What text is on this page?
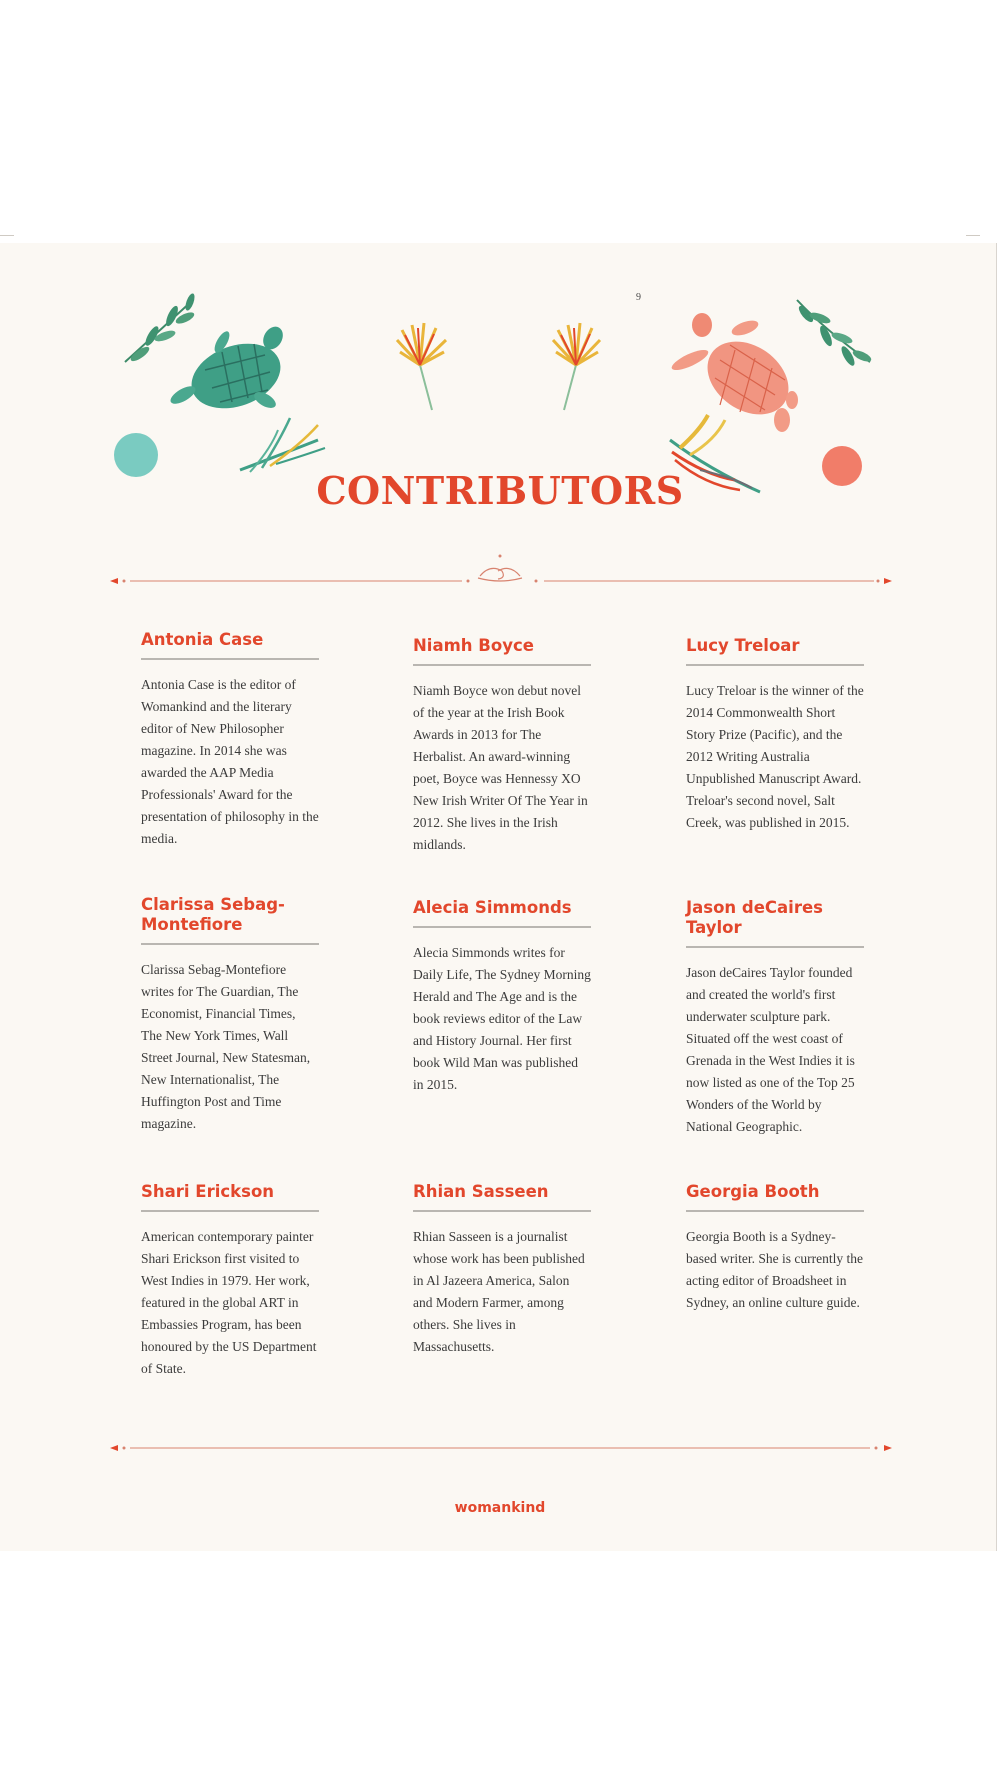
9
CONTRIBUTORS
Antonia Case

Antonia Case is the editor of Womankind and the literary editor of New Philosopher magazine. In 2014 she was awarded the AAP Media Professionals' Award for the presentation of philosophy in the media.

Niamh Boyce

Niamh Boyce won debut novel of the year at the Irish Book Awards in 2013 for The Herbalist. An award-winning poet, Boyce was Hennessy XO New Irish Writer Of The Year in 2012. She lives in the Irish midlands.

Lucy Treloar

Lucy Treloar is the winner of the 2014 Commonwealth Short Story Prize (Pacific), and the 2012 Writing Australia Unpublished Manuscript Award. Treloar's second novel, Salt Creek, was published in 2015.

Clarissa Sebag-Montefiore

Clarissa Sebag-Montefiore writes for The Guardian, The Economist, Financial Times, The New York Times, Wall Street Journal, New Statesman, New Internationalist, The Huffington Post and Time magazine.

Alecia Simmonds

Alecia Simmonds writes for Daily Life, The Sydney Morning Herald and The Age and is the book reviews editor of the Law and History Journal. Her first book Wild Man was published in 2015.

Jason deCaires Taylor

Jason deCaires Taylor founded and created the world's first underwater sculpture park. Situated off the west coast of Grenada in the West Indies it is now listed as one of the Top 25 Wonders of the World by National Geographic.

Shari Erickson

American contemporary painter Shari Erickson first visited to West Indies in 1979. Her work, featured in the global ART in Embassies Program, has been honoured by the US Department of State.

Rhian Sasseen

Rhian Sasseen is a journalist whose work has been published in Al Jazeera America, Salon and Modern Farmer, among others. She lives in Massachusetts.

Georgia Booth

Georgia Booth is a Sydney-based writer. She is currently the acting editor of Broadsheet in Sydney, an online culture guide.

womankind
